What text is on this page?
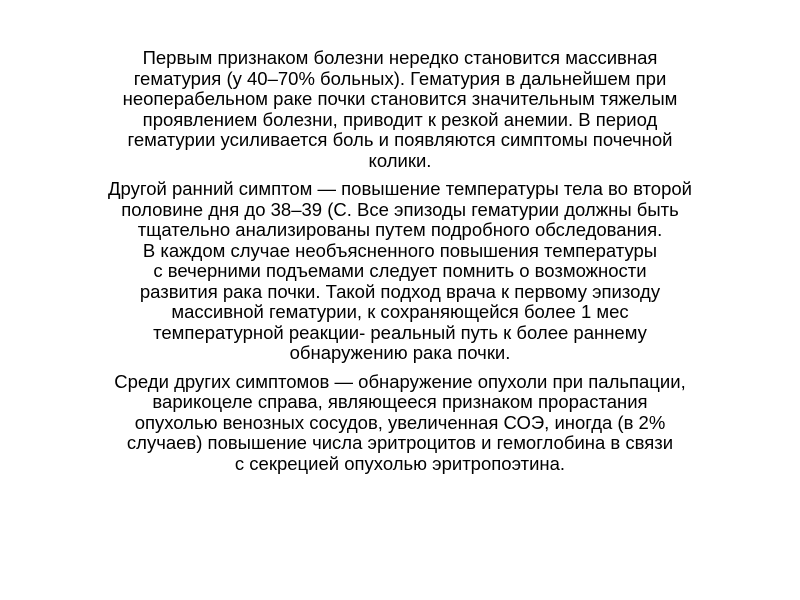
Первым признаком болезни нередко становится массивная
гематурия (у 40–70% больных). Гематурия в дальнейшем при
неоперабельном раке почки становится значительным тяжелым
проявлением болезни, приводит к резкой анемии. В период
гематурии усиливается боль и появляются симптомы почечной
колики.

Другой ранний симптом — повышение температуры тела во второй
половине дня до 38–39 (С. Все эпизоды гематурии должны быть
тщательно анализированы путем подробного обследования.
В каждом случае необъясненного повышения температуры
с вечерними подъемами следует помнить о возможности
развития рака почки. Такой подход врача к первому эпизоду
массивной гематурии, к сохраняющейся более 1 мес
температурной реакции- реальный путь к более раннему
обнаружению рака почки.

Среди других симптомов — обнаружение опухоли при пальпации,
варикоцеле справа, являющееся признаком прорастания
опухолью венозных сосудов, увеличенная СОЭ, иногда (в 2%
случаев) повышение числа эритроцитов и гемоглобина в связи
с секрецией опухолью эритропоэтина.
